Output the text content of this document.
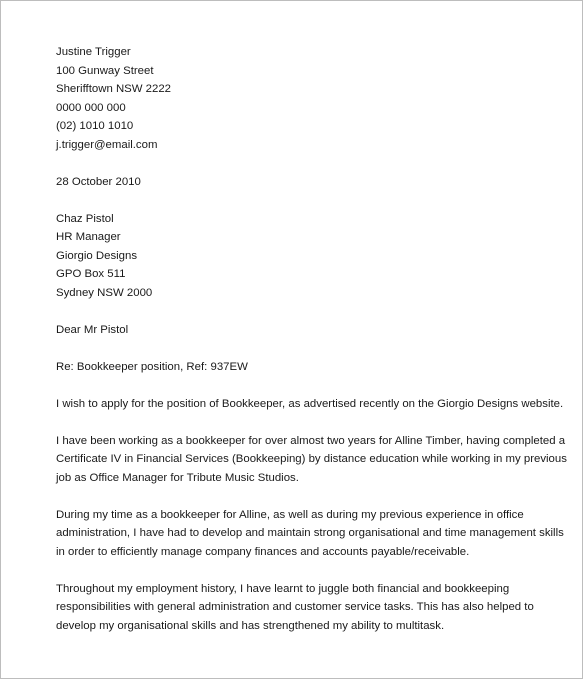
Justine Trigger
100 Gunway Street
Sherifftown NSW 2222
0000 000 000
(02) 1010 1010
j.trigger@email.com
28 October 2010
Chaz Pistol
HR Manager
Giorgio Designs
GPO Box 511
Sydney NSW 2000
Dear Mr Pistol
Re: Bookkeeper position, Ref: 937EW
I wish to apply for the position of Bookkeeper, as advertised recently on the Giorgio Designs website.
I have been working as a bookkeeper for over almost two years for Alline Timber, having completed a
Certificate IV in Financial Services (Bookkeeping) by distance education while working in my previous
job as Office Manager for Tribute Music Studios.
During my time as a bookkeeper for Alline, as well as during my previous experience in office
administration, I have had to develop and maintain strong organisational and time management skills
in order to efficiently manage company finances and accounts payable/receivable.
Throughout my employment history, I have learnt to juggle both financial and bookkeeping
responsibilities with general administration and customer service tasks. This has also helped to
develop my organisational skills and has strengthened my ability to multitask.
